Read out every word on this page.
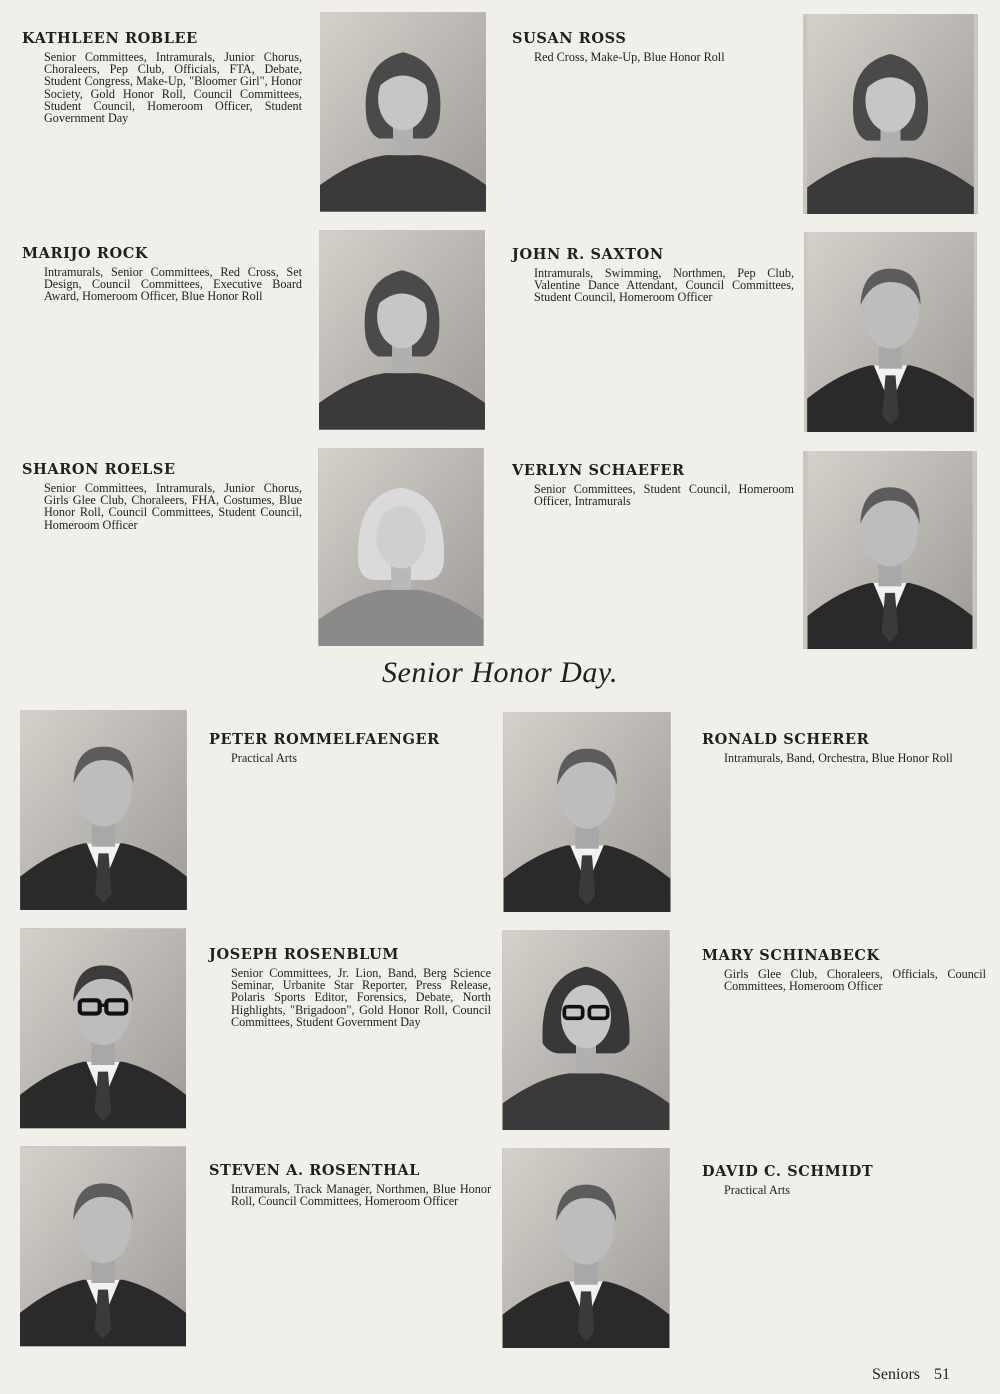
KATHLEEN ROBLEE
Senior Committees, Intramurals, Junior Chorus, Choraleers, Pep Club, Officials, FTA, Debate, Student Congress, Make-Up, "Bloomer Girl", Honor Society, Gold Honor Roll, Council Committees, Student Council, Homeroom Officer, Student Government Day
SUSAN ROSS
Red Cross, Make-Up, Blue Honor Roll
MARIJO ROCK
Intramurals, Senior Committees, Red Cross, Set Design, Council Committees, Executive Board Award, Homeroom Officer, Blue Honor Roll
JOHN R. SAXTON
Intramurals, Swimming, Northmen, Pep Club, Valentine Dance Attendant, Council Committees, Student Council, Homeroom Officer
SHARON ROELSE
Senior Committees, Intramurals, Junior Chorus, Girls Glee Club, Choraleers, FHA, Costumes, Blue Honor Roll, Council Committees, Student Council, Homeroom Officer
VERLYN SCHAEFER
Senior Committees, Student Council, Homeroom Officer, Intramurals
Senior Honor Day.
PETER ROMMELFAENGER
Practical Arts
RONALD SCHERER
Intramurals, Band, Orchestra, Blue Honor Roll
JOSEPH ROSENBLUM
Senior Committees, Jr. Lion, Band, Berg Science Seminar, Urbanite Star Reporter, Press Release, Polaris Sports Editor, Forensics, Debate, North Highlights, "Brigadoon", Gold Honor Roll, Council Committees, Student Government Day
MARY SCHINABECK
Girls Glee Club, Choraleers, Officials, Council Committees, Homeroom Officer
STEVEN A. ROSENTHAL
Intramurals, Track Manager, Northmen, Blue Honor Roll, Council Committees, Homeroom Officer
DAVID C. SCHMIDT
Practical Arts
Seniors 51
